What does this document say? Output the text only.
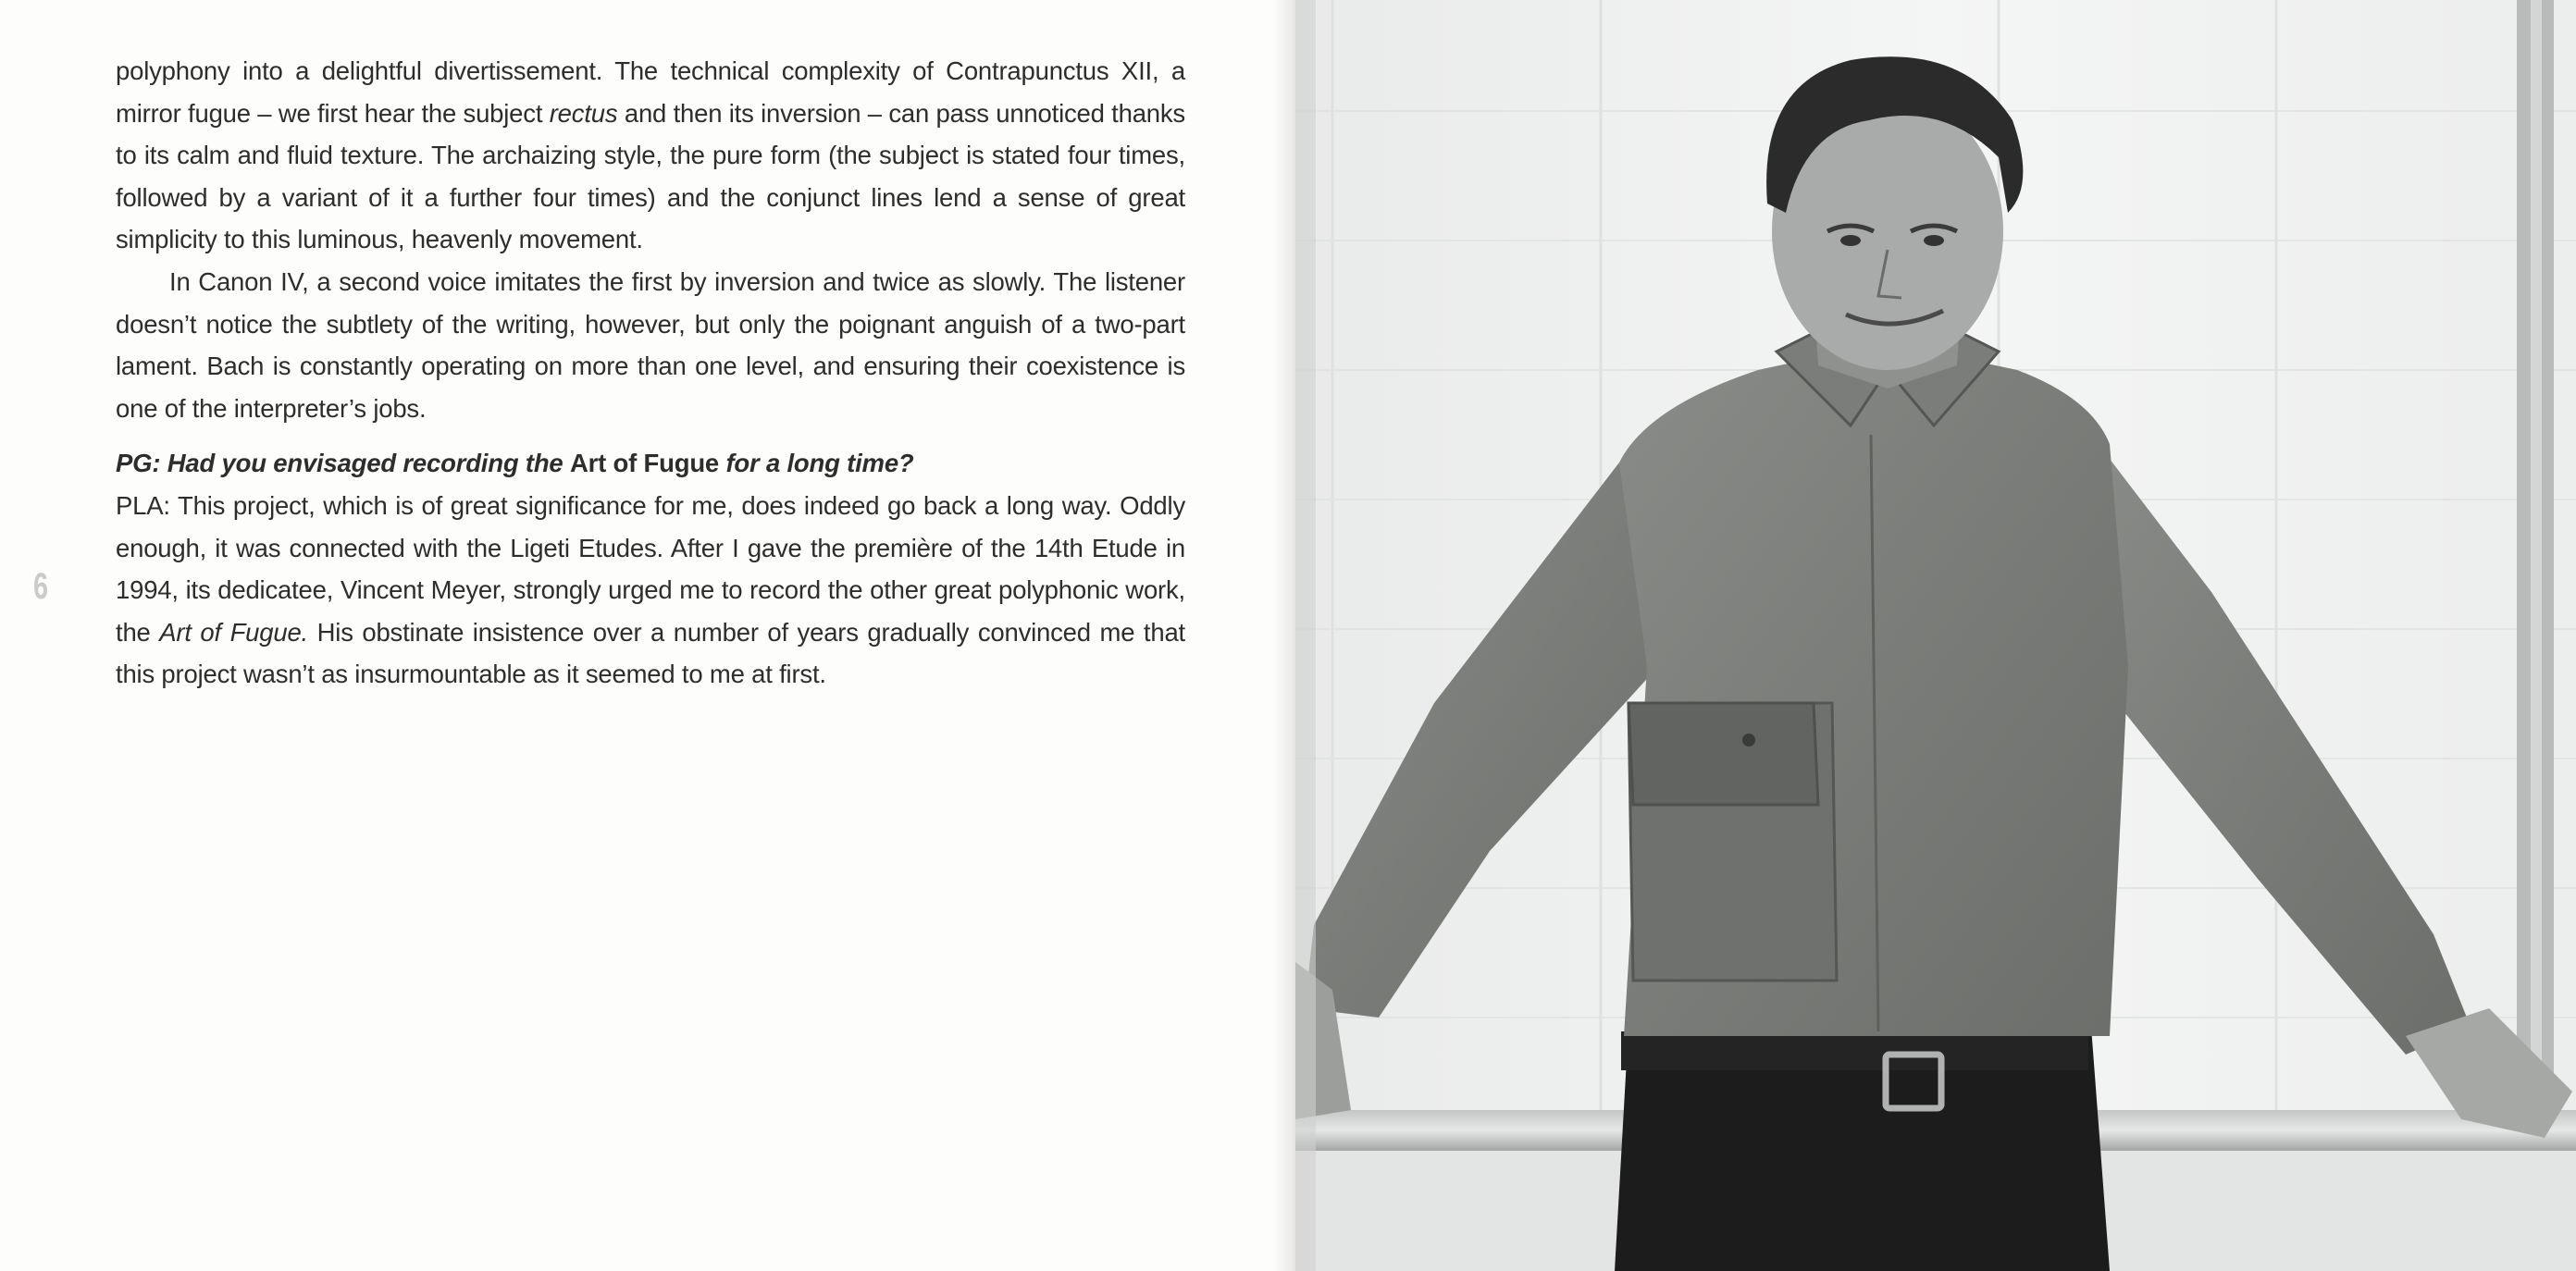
6

polyphony into a delightful divertissement. The technical complexity of Contrapunctus XII, a mirror fugue – we first hear the subject rectus and then its inversion – can pass unnoticed thanks to its calm and fluid texture. The archaizing style, the pure form (the subject is stated four times, followed by a variant of it a further four times) and the conjunct lines lend a sense of great simplicity to this luminous, heavenly movement.

In Canon IV, a second voice imitates the first by inversion and twice as slowly. The listener doesn’t notice the subtlety of the writing, however, but only the poignant anguish of a two-part lament. Bach is constantly operating on more than one level, and ensuring their coexistence is one of the interpreter’s jobs.

PG: Had you envisaged recording the Art of Fugue for a long time?

PLA: This project, which is of great significance for me, does indeed go back a long way. Oddly enough, it was connected with the Ligeti Etudes. After I gave the première of the 14th Etude in 1994, its dedicatee, Vincent Meyer, strongly urged me to record the other great polyphonic work, the Art of Fugue. His obstinate insistence over a number of years gradually convinced me that this project wasn’t as insurmountable as it seemed to me at first.
